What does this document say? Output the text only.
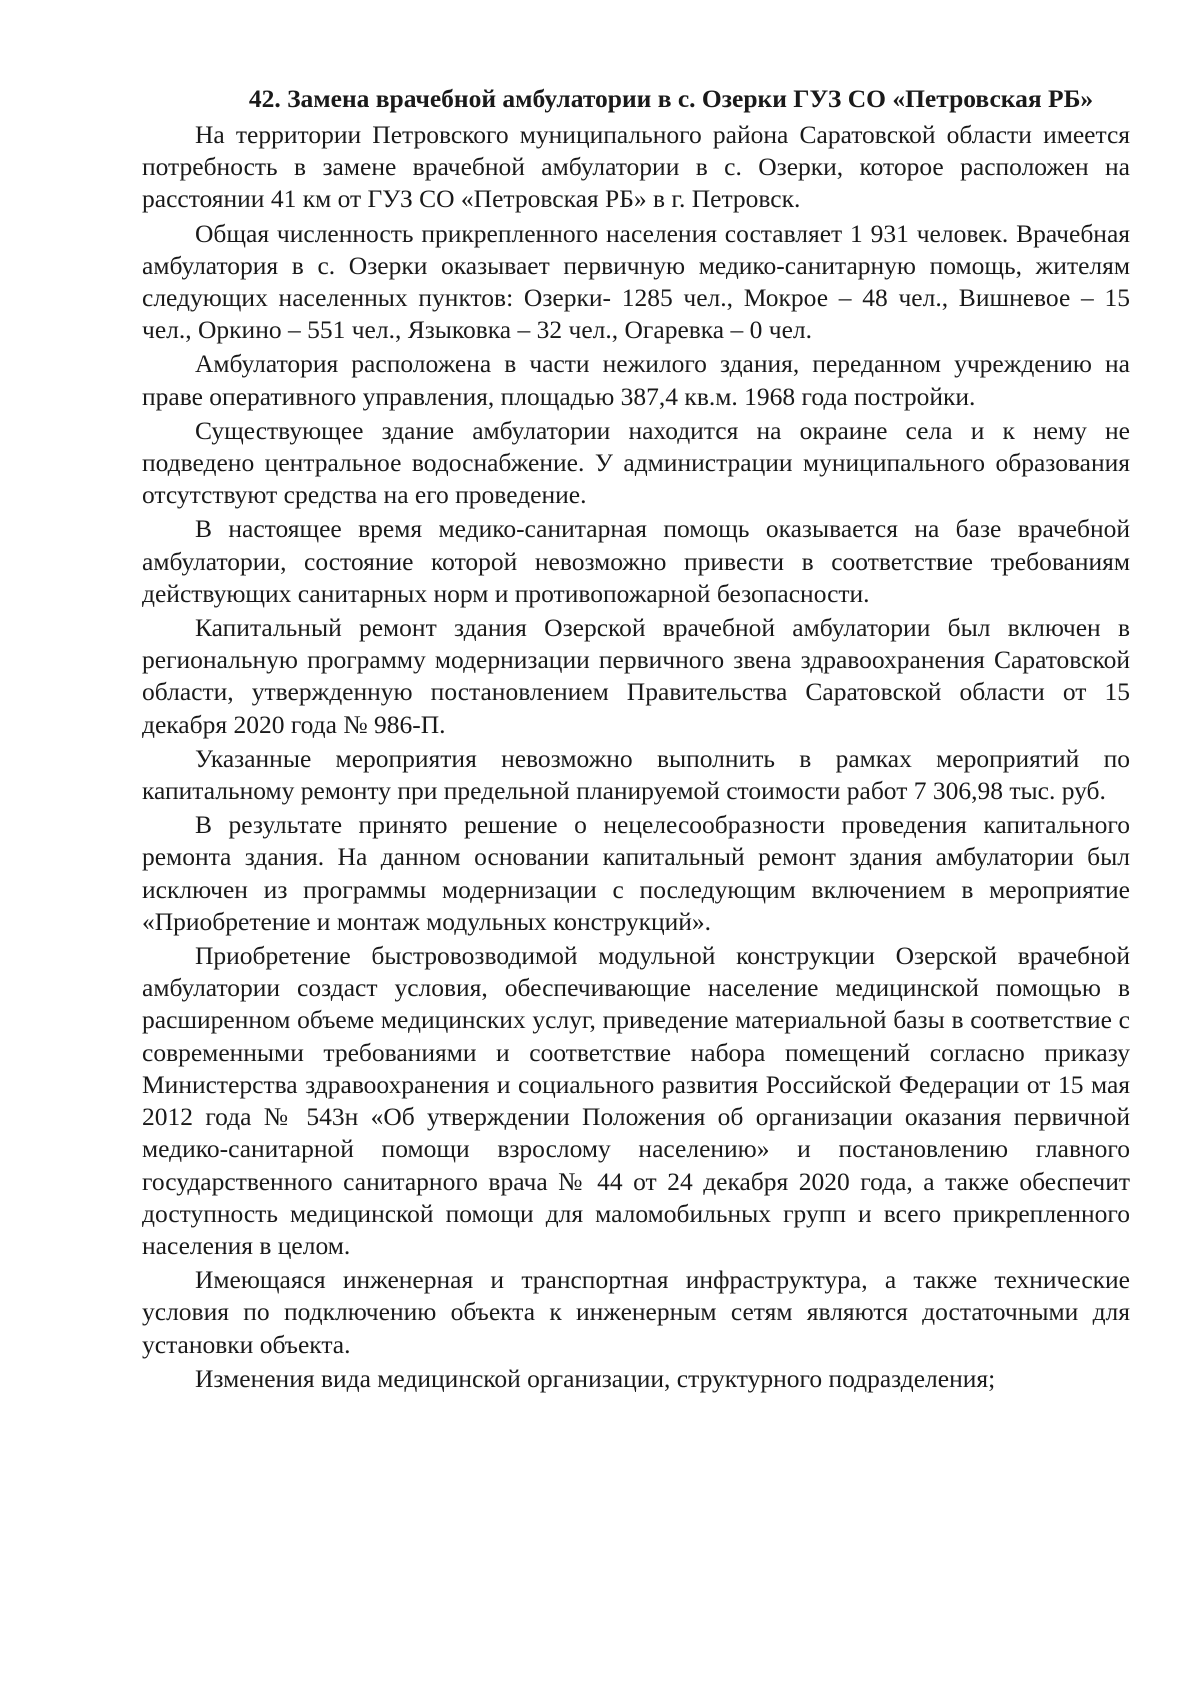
42. Замена врачебной амбулатории в с. Озерки ГУЗ СО «Петровская РБ»

На территории Петровского муниципального района Саратовской области имеется потребность в замене врачебной амбулатории в с. Озерки, которое расположен на расстоянии 41 км от ГУЗ СО «Петровская РБ» в г. Петровск.

Общая численность прикрепленного населения составляет 1 931 человек. Врачебная амбулатория в с. Озерки оказывает первичную медико-санитарную помощь, жителям следующих населенных пунктов: Озерки- 1285 чел., Мокрое – 48 чел., Вишневое – 15 чел., Оркино – 551 чел., Языковка – 32 чел., Огаревка – 0 чел.

Амбулатория расположена в части нежилого здания, переданном учреждению на праве оперативного управления, площадью 387,4 кв.м. 1968 года постройки.

Существующее здание амбулатории находится на окраине села и к нему не подведено центральное водоснабжение. У администрации муниципального образования отсутствуют средства на его проведение.

В настоящее время медико-санитарная помощь оказывается на базе врачебной амбулатории, состояние которой невозможно привести в соответствие требованиям действующих санитарных норм и противопожарной безопасности.

Капитальный ремонт здания Озерской врачебной амбулатории был включен в региональную программу модернизации первичного звена здравоохранения Саратовской области, утвержденную постановлением Правительства Саратовской области от 15 декабря 2020 года № 986-П.

Указанные мероприятия невозможно выполнить в рамках мероприятий по капитальному ремонту при предельной планируемой стоимости работ 7 306,98 тыс. руб.

В результате принято решение о нецелесообразности проведения капитального ремонта здания. На данном основании капитальный ремонт здания амбулатории был исключен из программы модернизации с последующим включением в мероприятие «Приобретение и монтаж модульных конструкций».

Приобретение быстровозводимой модульной конструкции Озерской врачебной амбулатории создаст условия, обеспечивающие население медицинской помощью в расширенном объеме медицинских услуг, приведение материальной базы в соответствие с современными требованиями и соответствие набора помещений согласно приказу Министерства здравоохранения и социального развития Российской Федерации от 15 мая 2012 года № 543н «Об утверждении Положения об организации оказания первичной медико-санитарной помощи взрослому населению» и постановлению главного государственного санитарного врача № 44 от 24 декабря 2020 года, а также обеспечит доступность медицинской помощи для маломобильных групп и всего прикрепленного населения в целом.

Имеющаяся инженерная и транспортная инфраструктура, а также технические условия по подключению объекта к инженерным сетям являются достаточными для установки объекта.

Изменения вида медицинской организации, структурного подразделения;
